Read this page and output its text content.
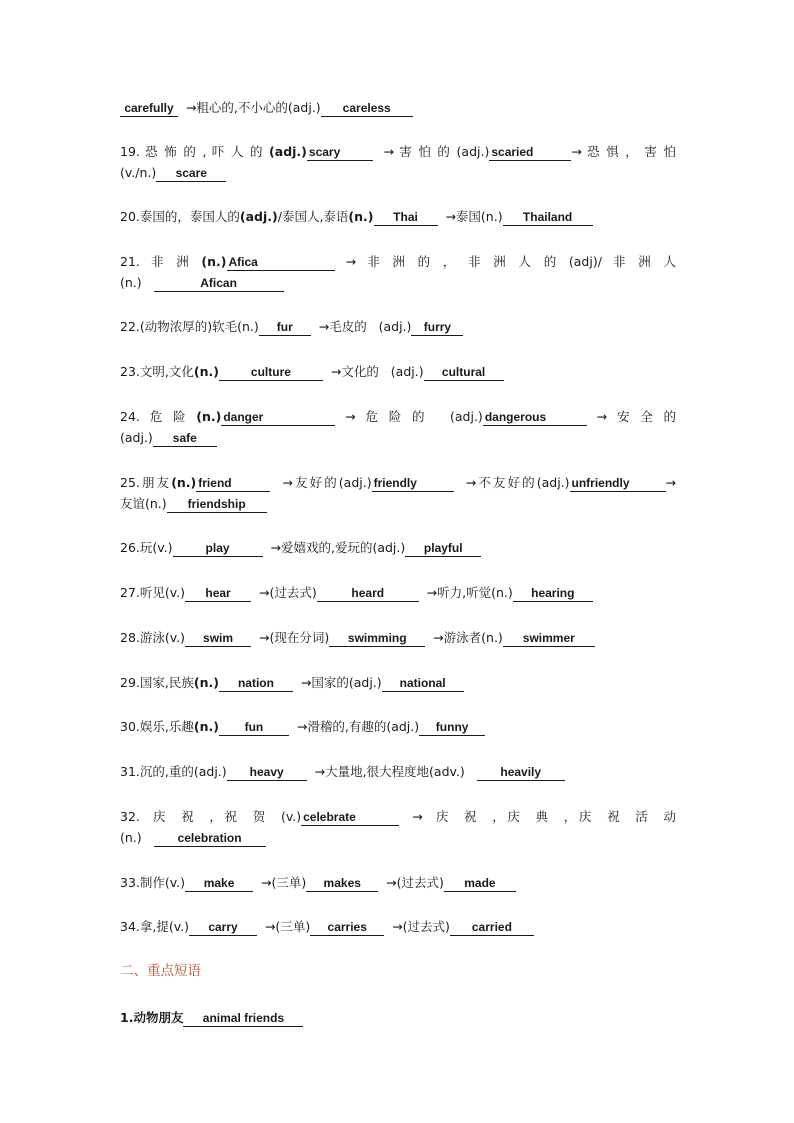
carefully  →粗心的,不小心的(adj.) careless
19. 恐 怖 的 , 吓 人 的 (adj.) scary	→ 害 怕 的 (adj.) scaried	→ 恐 惧 ， 害 怕
(v./n.) scare
20.泰国的，泰国人的(adj.)/泰国人,泰语(n.) Thai  →泰国(n.) Thailand
21.  非  洲  (n.) Afica	→  非  洲  的  ，  非  洲  人  的  (adj)/  非  洲  人
(n.)	Afican
22.(动物浓厚的)软毛(n.) fur  →毛皮的   (adj.) furry
23.文明,文化(n.)	culture	→文化的   (adj.) cultural
24.  危  险  (n.) danger	→  危  险  的     (adj.) dangerous	→  安  全  的
(adj.) safe
25.朋友(n.) friend	→友好的(adj.) friendly	→不友好的(adj.) unfriendly	→
友谊(n.) friendship
26.玩(v.)	play	→爱嬉戏的,爱玩的(adj.) playful
27.听见(v.) hear  →(过去式)	heard	→听力,听觉(n.) hearing
28.游泳(v.) swim  →(现在分词) swimming  →游泳者(n.) swimmer
29.国家,民族(n.) nation  →国家的(adj.) national
30.娱乐,乐趣(n.) fun  →滑稽的,有趣的(adj.) funny
31.沉的,重的(adj.) heavy  →大量地,很大程度地(adv.)   heavily
32.  庆  祝  ，祝  贺  (v.) celebrate	→  庆  祝  ，庆  典  ，庆  祝  活  动
(n.)   celebration
33.制作(v.) make  →(三单) makes  →(过去式) made
34.拿,提(v.) carry  →(三单) carries  →(过去式) carried
二、重点短语
1.动物朋友 animal friends
